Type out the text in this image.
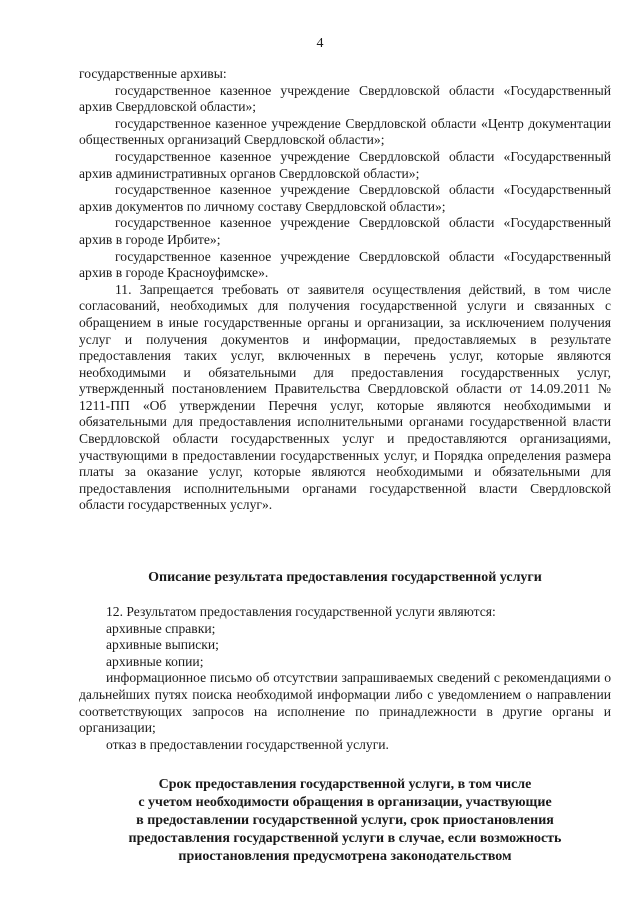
4

государственные архивы:

государственное казенное учреждение Свердловской области «Государственный архив Свердловской области»;

государственное казенное учреждение Свердловской области «Центр документации общественных организаций Свердловской области»;

государственное казенное учреждение Свердловской области «Государственный архив административных органов Свердловской области»;

государственное казенное учреждение Свердловской области «Государственный архив документов по личному составу Свердловской области»;

государственное казенное учреждение Свердловской области «Государственный архив в городе Ирбите»;

государственное казенное учреждение Свердловской области «Государственный архив в городе Красноуфимске».

11. Запрещается требовать от заявителя осуществления действий, в том числе согласований, необходимых для получения государственной услуги и связанных с обращением в иные государственные органы и организации, за исключением получения услуг и получения документов и информации, предоставляемых в результате предоставления таких услуг, включенных в перечень услуг, которые являются необходимыми и обязательными для предоставления государственных услуг, утвержденный постановлением Правительства Свердловской области от 14.09.2011 № 1211-ПП «Об утверждении Перечня услуг, которые являются необходимыми и обязательными для предоставления исполнительными органами государственной власти Свердловской области государственных услуг и предоставляются организациями, участвующими в предоставлении государственных услуг, и Порядка определения размера платы за оказание услуг, которые являются необходимыми и обязательными для предоставления исполнительными органами государственной власти Свердловской области государственных услуг».

Описание результата предоставления государственной услуги

12. Результатом предоставления государственной услуги являются:

архивные справки;

архивные выписки;

архивные копии;

информационное письмо об отсутствии запрашиваемых сведений с рекомендациями о дальнейших путях поиска необходимой информации либо с уведомлением о направлении соответствующих запросов на исполнение по принадлежности в другие органы и организации;

отказ в предоставлении государственной услуги.

Срок предоставления государственной услуги, в том числе
с учетом необходимости обращения в организации, участвующие
в предоставлении государственной услуги, срок приостановления
предоставления государственной услуги в случае, если возможность
приостановления предусмотрена законодательством
